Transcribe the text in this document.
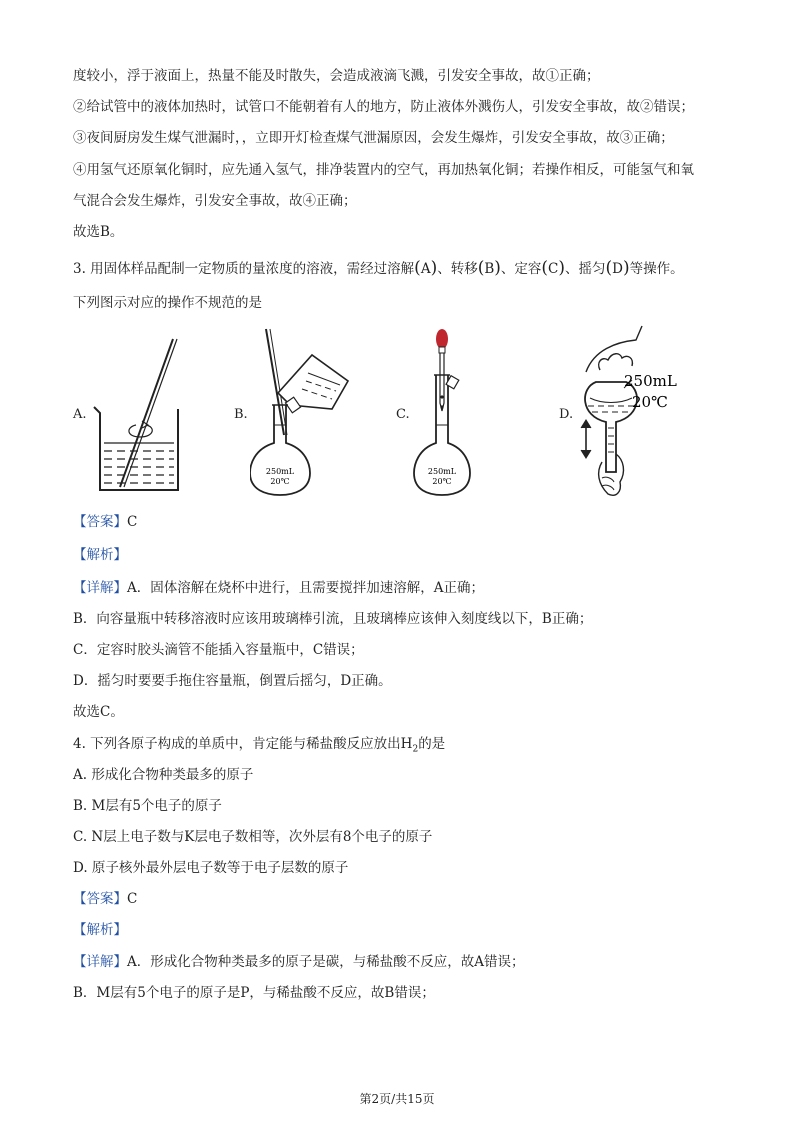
度较小，浮于液面上，热量不能及时散失，会造成液滴飞溅，引发安全事故，故①正确；
②给试管中的液体加热时，试管口不能朝着有人的地方，防止液体外溅伤人，引发安全事故，故②错误；
③夜间厨房发生煤气泄漏时，，立即开灯检查煤气泄漏原因，会发生爆炸，引发安全事故，故③正确；
④用氢气还原氧化铜时，应先通入氢气，排净装置内的空气，再加热氧化铜；若操作相反，可能氢气和氧
气混合会发生爆炸，引发安全事故，故④正确；
故选B。
3. 用固体样品配制一定物质的量浓度的溶液，需经过溶解(A)、转移(B)、定容(C)、摇匀(D)等操作。
下列图示对应的操作不规范的是
A.	B.	C.	D.
250mL
20℃
250mL
20℃
250mL
20℃
【答案】C
【解析】
【详解】A．固体溶解在烧杯中进行，且需要搅拌加速溶解，A正确；
B．向容量瓶中转移溶液时应该用玻璃棒引流，且玻璃棒应该伸入刻度线以下，B正确；
C．定容时胶头滴管不能插入容量瓶中，C错误；
D．摇匀时要要手拖住容量瓶，倒置后摇匀，D正确。
故选C。
4. 下列各原子构成的单质中，肯定能与稀盐酸反应放出$H_2$的是
A. 形成化合物种类最多的原子
B. M层有5个电子的原子
C. N层上电子数与K层电子数相等，次外层有8个电子的原子
D. 原子核外最外层电子数等于电子层数的原子
【答案】C
【解析】
【详解】A．形成化合物种类最多的原子是碳，与稀盐酸不反应，故A错误；
B．M层有5个电子的原子是P，与稀盐酸不反应，故B错误；
第2页/共15页
